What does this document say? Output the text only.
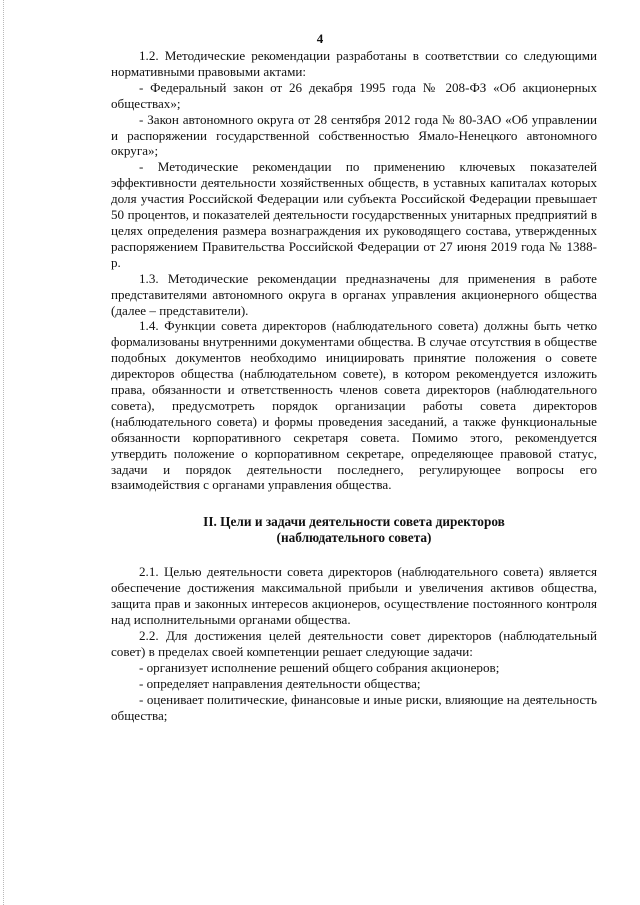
4

1.2. Методические рекомендации разработаны в соответствии со следующими нормативными правовыми актами:

- Федеральный закон от 26 декабря 1995 года № 208-ФЗ «Об акционерных обществах»;

- Закон автономного округа от 28 сентября 2012 года № 80-ЗАО «Об управлении и распоряжении государственной собственностью Ямало-Ненецкого автономного округа»;

- Методические рекомендации по применению ключевых показателей эффективности деятельности хозяйственных обществ, в уставных капиталах которых доля участия Российской Федерации или субъекта Российской Федерации превышает 50 процентов, и показателей деятельности государственных унитарных предприятий в целях определения размера вознаграждения их руководящего состава, утвержденных распоряжением Правительства Российской Федерации от 27 июня 2019 года № 1388-р.

1.3. Методические рекомендации предназначены для применения в работе представителями автономного округа в органах управления акционерного общества (далее – представители).

1.4. Функции совета директоров (наблюдательного совета) должны быть четко формализованы внутренними документами общества. В случае отсутствия в обществе подобных документов необходимо инициировать принятие положения о совете директоров общества (наблюдательном совете), в котором рекомендуется изложить права, обязанности и ответственность членов совета директоров (наблюдательного совета), предусмотреть порядок организации работы совета директоров (наблюдательного совета) и формы проведения заседаний, а также функциональные обязанности корпоративного секретаря совета. Помимо этого, рекомендуется утвердить положение о корпоративном секретаре, определяющее правовой статус, задачи и порядок деятельности последнего, регулирующее вопросы его взаимодействия с органами управления общества.

II. Цели и задачи деятельности совета директоров
(наблюдательного совета)

2.1. Целью деятельности совета директоров (наблюдательного совета) является обеспечение достижения максимальной прибыли и увеличения активов общества, защита прав и законных интересов акционеров, осуществление постоянного контроля над исполнительными органами общества.

2.2. Для достижения целей деятельности совет директоров (наблюдательный совет) в пределах своей компетенции решает следующие задачи:

- организует исполнение решений общего собрания акционеров;

- определяет направления деятельности общества;

- оценивает политические, финансовые и иные риски, влияющие на деятельность общества;
